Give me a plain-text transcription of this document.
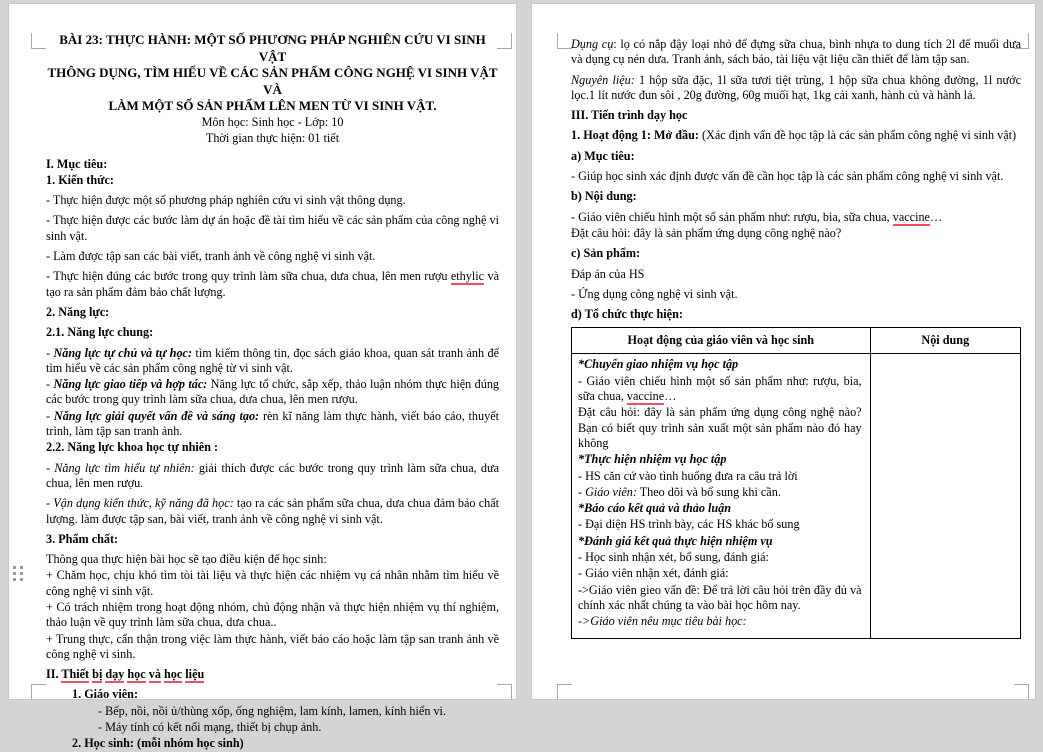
BÀI 23: THỰC HÀNH: MỘT SỐ PHƯƠNG PHÁP NGHIÊN CỨU VI SINH VẬT

THÔNG DỤNG, TÌM HIỂU VỀ CÁC SẢN PHẨM CÔNG NGHỆ VI SINH VẬT VÀ

LÀM MỘT SỐ SẢN PHẨM LÊN MEN TỪ VI SINH VẬT.

Môn học: Sinh học - Lớp: 10

Thời gian thực hiện: 01 tiết

I. Mục tiêu:

1. Kiến thức:

- Thực hiện được một số phương pháp nghiên cứu vi sinh vật thông dụng.

- Thực hiện được các bước làm dự án hoặc đề tài tìm hiểu về các sản phẩm của công nghệ vi sinh vật.

- Làm được tập san các bài viết, tranh ảnh về công nghệ vi sinh vật.

- Thực hiện đúng các bước trong quy trình làm sữa chua, dưa chua, lên men rượu ethylic và tạo ra sản phẩm đảm bảo chất lượng.

2. Năng lực:

2.1. Năng lực chung:

- Năng lực tự chủ và tự học: tìm kiếm thông tin, đọc sách giáo khoa, quan sát tranh ảnh để tìm hiểu về các sản phẩm công nghệ từ vi sinh vật.

- Năng lực giao tiếp và hợp tác: Năng lực tổ chức, sắp xếp, thảo luận nhóm thực hiện đúng các bước trong quy trình làm sữa chua, dưa chua, lên men rượu.

- Năng lực giải quyết vấn đề và sáng tạo: rèn kĩ năng làm thực hành, viết báo cáo, thuyết trình, làm tập san tranh ảnh.

2.2. Năng lực khoa học tự nhiên :

- Năng lực tìm hiểu tự nhiên: giải thích được các bước trong quy trình làm sữa chua, dưa chua, lên men rượu.

- Vận dụng kiến thức, kỹ năng đã học: tạo ra các sản phẩm sữa chua, dưa chua đảm bảo chất lượng. làm được tập san, bài viết, tranh ảnh về công nghệ vi sinh vật.

3. Phẩm chất:

Thông qua thực hiện bài học sẽ tạo điều kiện để học sinh:

+ Chăm học, chịu khó tìm tòi tài liệu và thực hiện các nhiệm vụ cá nhân nhằm tìm hiểu về công nghệ vi sinh vật.

+ Có trách nhiệm trong hoạt động nhóm, chủ động nhận và thực hiện nhiệm vụ thí nghiệm, thảo luận về quy trình làm sữa chua, dưa chua..

+ Trung thực, cẩn thận trong việc làm thực hành, viết báo cáo hoặc làm tập san tranh ảnh về công nghệ vi sinh.

II. Thiết bị dạy học và học liệu

1. Giáo viên:

- Bếp, nồi, nồi ủ/thùng xốp, ống nghiệm, lam kính, lamen, kính hiển vi.

- Máy tính có kết nối mạng, thiết bị chụp ảnh.

2. Học sinh: (mỗi nhóm học sinh)

Dụng cụ: lọ có nắp đậy loại nhỏ để đựng sữa chua, bình nhựa to dung tích 2l để muối dưa và dụng cụ nén dưa. Tranh ảnh, sách báo, tài liệu vật liệu cần thiết để làm tập san.

Nguyên liệu: 1 hộp sữa đặc, 1l sữa tươi tiệt trùng, 1 hộp sữa chua không đường, 1l nước lọc.1 lít nước đun sôi , 20g đường, 60g muối hạt, 1kg cải xanh, hành củ và hành lá.

III. Tiến trình dạy học

1. Hoạt động 1: Mở đầu: (Xác định vấn đề học tập là các sản phẩm công nghệ vi sinh vật)

a) Mục tiêu:

- Giúp học sinh xác định được vấn đề cần học tập là các sản phẩm công nghệ vi sinh vật.

b) Nội dung:

- Giáo viên chiếu hình một số sản phẩm như: rượu, bia, sữa chua, vaccine…

Đặt câu hỏi: đây là sản phẩm ứng dụng công nghệ nào?

c) Sản phẩm:

Đáp án của HS

- Ứng dụng công nghệ vi sinh vật.

d) Tổ chức thực hiện:

Hoạt động của giáo viên và học sinh	Nội dung

*Chuyển giao nhiệm vụ học tập

- Giáo viên chiếu hình một số sản phẩm như: rượu, bia, sữa chua, vaccine…

Đặt câu hỏi: đây là sản phẩm ứng dụng công nghệ nào? Bạn có biết quy trình sản xuất một sản phẩm nào đó hay không

*Thực hiện nhiệm vụ học tập

- HS căn cứ vào tình huống đưa ra câu trả lời

- Giáo viên: Theo dõi và bổ sung khi cần.

*Báo cáo kết quả và thảo luận

- Đại diện HS trình bày, các HS khác bổ sung

*Đánh giá kết quả thực hiện nhiệm vụ

- Học sinh nhận xét, bổ sung, đánh giá:

- Giáo viên nhận xét, đánh giá:

->Giáo viên gieo vấn đề: Để trả lời câu hỏi trên đầy đủ và chính xác nhất chúng ta vào bài học hôm nay.

->Giáo viên nêu mục tiêu bài học:
